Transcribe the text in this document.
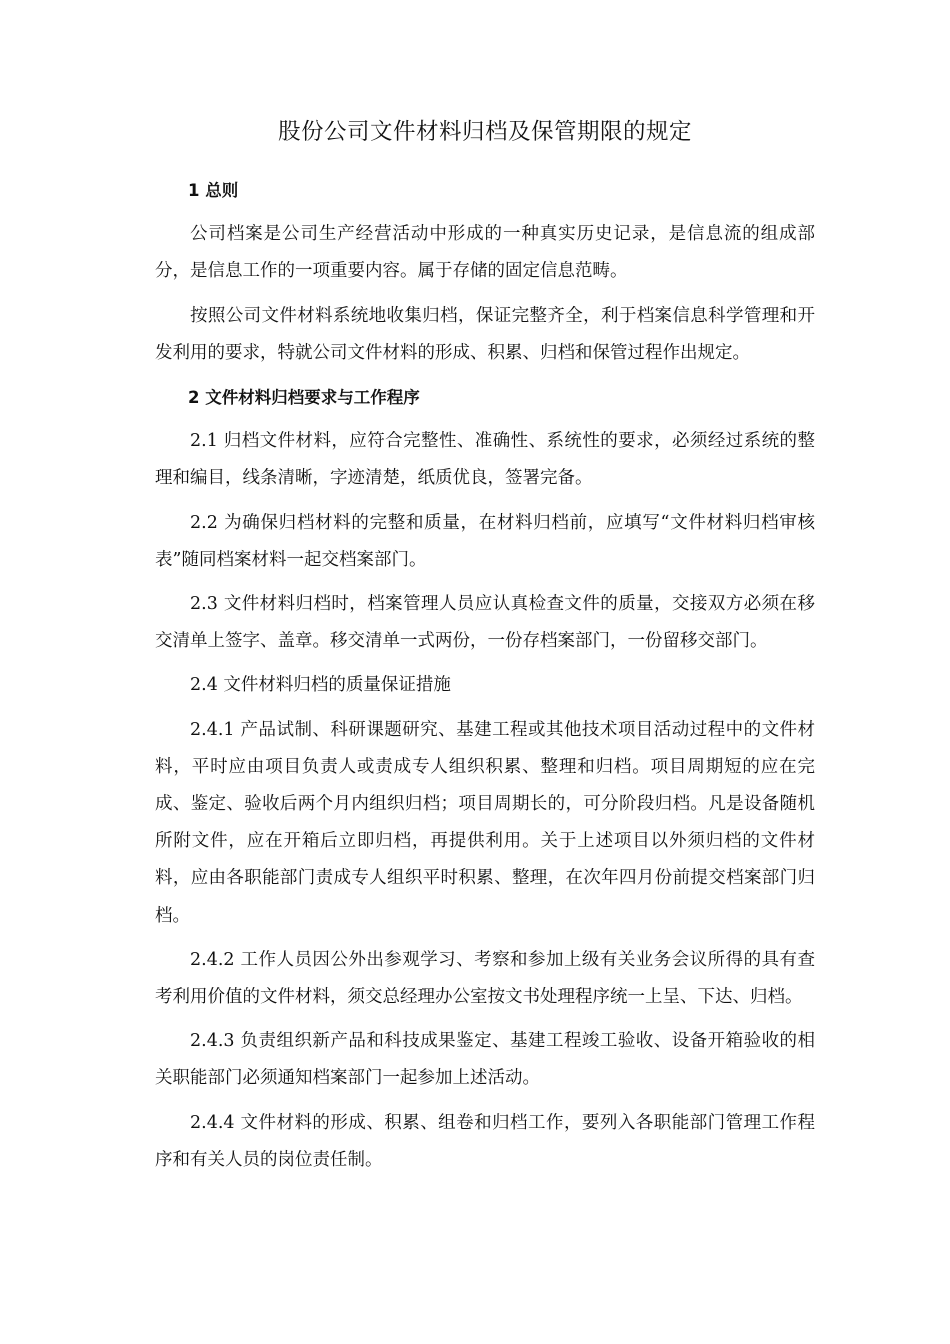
股份公司文件材料归档及保管期限的规定

1 总则

公司档案是公司生产经营活动中形成的一种真实历史记录，是信息流的组成部分，是信息工作的一项重要内容。属于存储的固定信息范畴。

按照公司文件材料系统地收集归档，保证完整齐全，利于档案信息科学管理和开发利用的要求，特就公司文件材料的形成、积累、归档和保管过程作出规定。

2 文件材料归档要求与工作程序

2.1 归档文件材料，应符合完整性、准确性、系统性的要求，必须经过系统的整理和编目，线条清晰，字迹清楚，纸质优良，签署完备。

2.2 为确保归档材料的完整和质量，在材料归档前，应填写“文件材料归档审核表”随同档案材料一起交档案部门。

2.3 文件材料归档时，档案管理人员应认真检查文件的质量，交接双方必须在移交清单上签字、盖章。移交清单一式两份，一份存档案部门，一份留移交部门。

2.4 文件材料归档的质量保证措施

2.4.1 产品试制、科研课题研究、基建工程或其他技术项目活动过程中的文件材料，平时应由项目负责人或责成专人组织积累、整理和归档。项目周期短的应在完成、鉴定、验收后两个月内组织归档；项目周期长的，可分阶段归档。凡是设备随机所附文件，应在开箱后立即归档，再提供利用。关于上述项目以外须归档的文件材料，应由各职能部门责成专人组织平时积累、整理，在次年四月份前提交档案部门归档。

2.4.2 工作人员因公外出参观学习、考察和参加上级有关业务会议所得的具有查考利用价值的文件材料，须交总经理办公室按文书处理程序统一上呈、下达、归档。

2.4.3 负责组织新产品和科技成果鉴定、基建工程竣工验收、设备开箱验收的相关职能部门必须通知档案部门一起参加上述活动。

2.4.4 文件材料的形成、积累、组卷和归档工作，要列入各职能部门管理工作程序和有关人员的岗位责任制。
